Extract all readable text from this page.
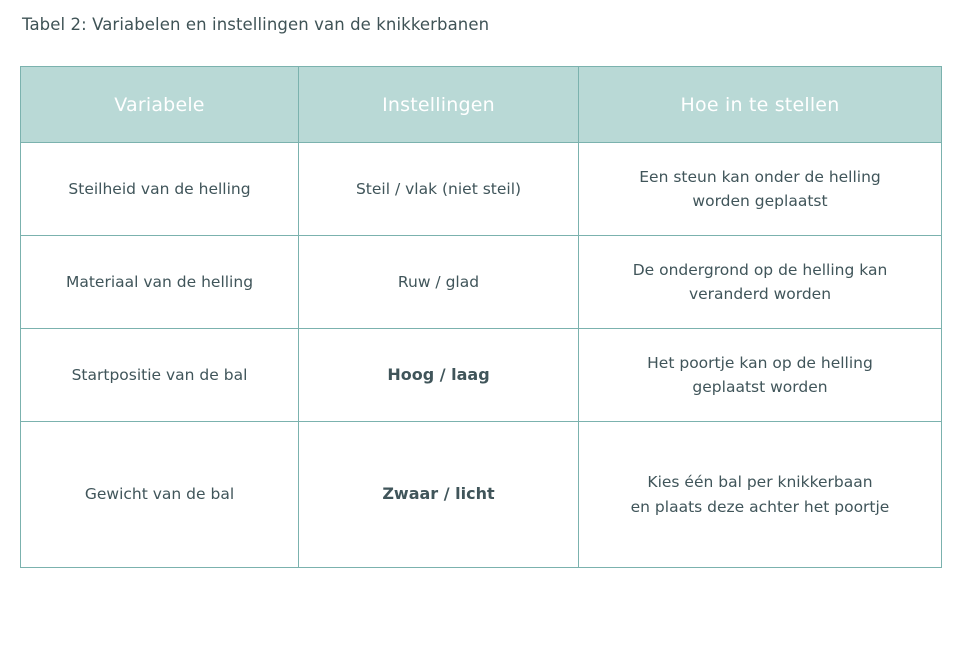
Tabel 2: Variabelen en instellingen van de knikkerbanen
Variabele	Instellingen	Hoe in te stellen
Steilheid van de helling	Steil / vlak (niet steil)	Een steun kan onder de helling
worden geplaatst

Materiaal van de helling	Ruw / glad	De ondergrond op de helling kan
veranderd worden

Startpositie van de bal	Hoog / laag	Het poortje kan op de helling
geplaatst worden

Gewicht van de bal	Zwaar / licht	Kies één bal per knikkerbaan
en plaats deze achter het poortje
